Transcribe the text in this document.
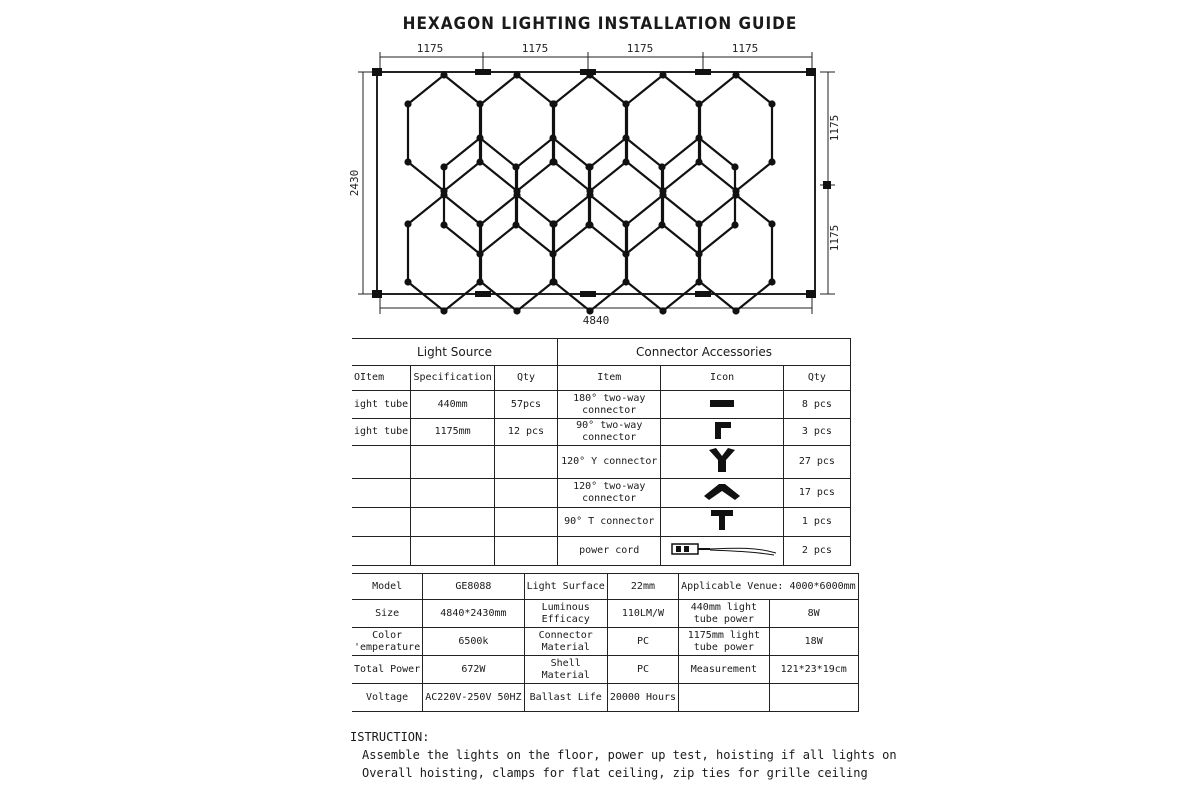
HEXAGON LIGHTING INSTALLATION GUIDE
1175	1175	1175	1175
2430
1175
1175
4840
Light Source			Connector Accessories		
OItem	Specification	Qty	Item	Icon	Qty
ight tube	440mm	57pcs	180° two-way connector		8 pcs
ight tube	1175mm	12 pcs	90° two-way connector		3 pcs
			120° Y connector		27 pcs
			120° two-way connector		17 pcs
			90° T connector		1 pcs
			power cord		2 pcs
Model	GE8088	Light Surface	22mm	Applicable Venue: 4000*6000mm	
Size	4840*2430mm	Luminous Efficacy	110LM/W	440mm light tube power	8W
Color 'emperature	6500k	Connector Material	PC	1175mm light tube power	18W
Total Power	672W	Shell Material	PC	Measurement	121*23*19cm
Voltage	AC220V-250V 50HZ	Ballast Life	20000 Hours		
ISTRUCTION:
Assemble the lights on the floor, power up test, hoisting if all lights on
Overall hoisting, clamps for flat ceiling, zip ties for grille ceiling
